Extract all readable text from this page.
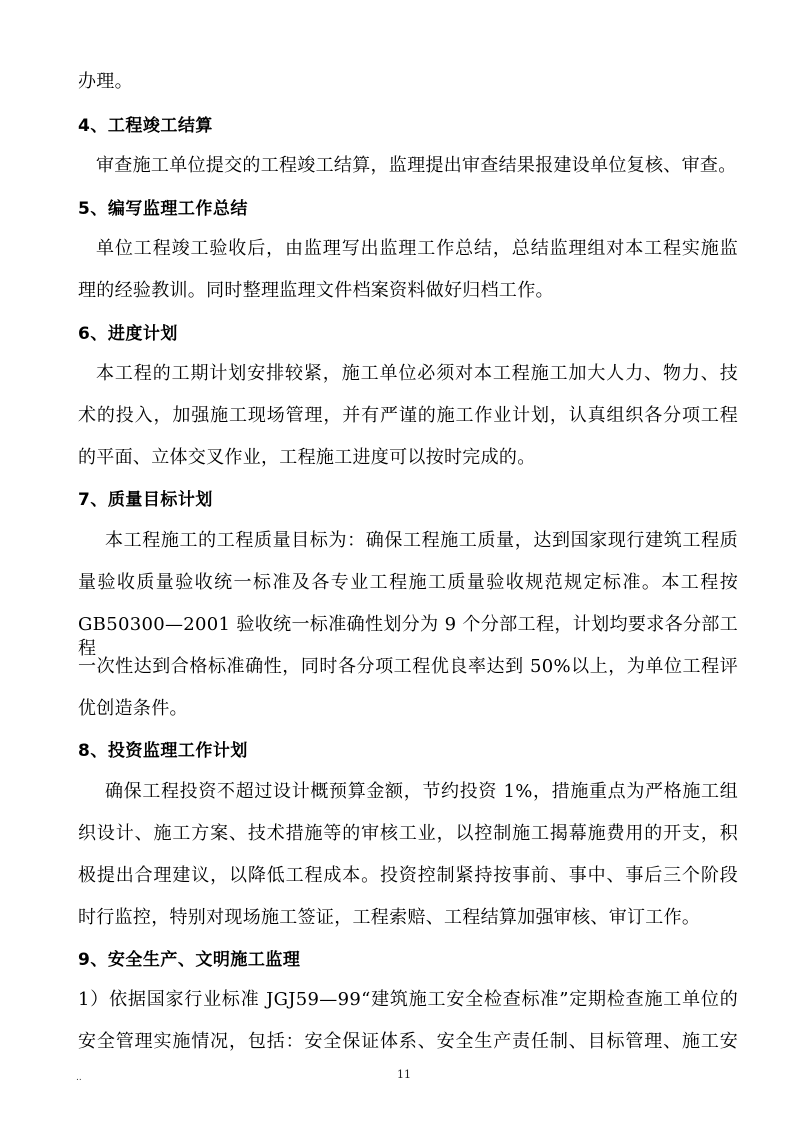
办理。
4、工程竣工结算
审查施工单位提交的工程竣工结算，监理提出审查结果报建设单位复核、审查。
5、编写监理工作总结
单位工程竣工验收后，由监理写出监理工作总结，总结监理组对本工程实施监
理的经验教训。同时整理监理文件档案资料做好归档工作。
6、进度计划
本工程的工期计划安排较紧，施工单位必须对本工程施工加大人力、物力、技
术的投入，加强施工现场管理，并有严谨的施工作业计划，认真组织各分项工程
的平面、立体交叉作业，工程施工进度可以按时完成的。
7、质量目标计划
本工程施工的工程质量目标为：确保工程施工质量，达到国家现行建筑工程质
量验收质量验收统一标准及各专业工程施工质量验收规范规定标准。本工程按
GB50300—2001 验收统一标准确性划分为 9 个分部工程，计划均要求各分部工程
一次性达到合格标准确性，同时各分项工程优良率达到 50%以上，为单位工程评
优创造条件。
8、投资监理工作计划
确保工程投资不超过设计概预算金额，节约投资 1%，措施重点为严格施工组
织设计、施工方案、技术措施等的审核工业，以控制施工揭幕施费用的开支，积
极提出合理建议，以降低工程成本。投资控制紧持按事前、事中、事后三个阶段
时行监控，特别对现场施工签证，工程索赔、工程结算加强审核、审订工作。
9、安全生产、文明施工监理
1）依据国家行业标准 JGJ59—99“建筑施工安全检查标准”定期检查施工单位的
安全管理实施情况，包括：安全保证体系、安全生产责任制、目标管理、施工安
..	11
